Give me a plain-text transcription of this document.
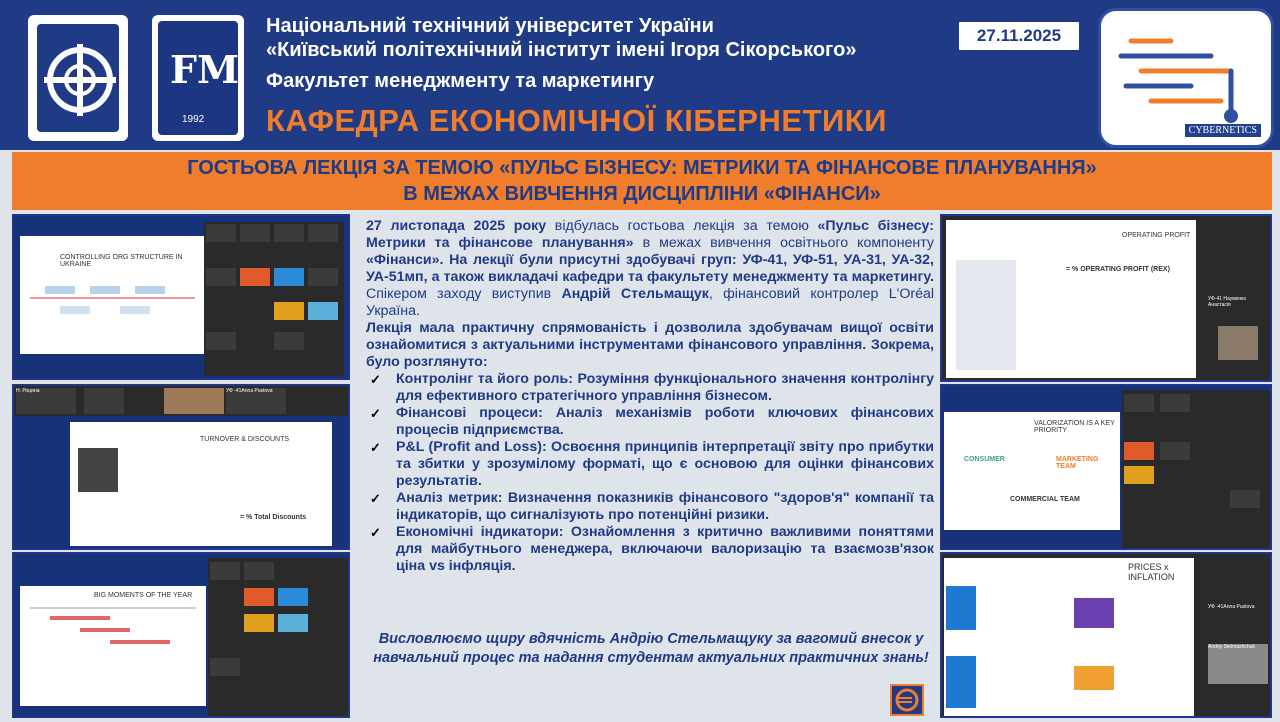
FM
1992
Національний технічний університет України
«Київський політехнічний інститут імені Ігоря Сікорського»
Факультет менеджменту та маркетингу
КАФЕДРА ЕКОНОМІЧНОЇ КІБЕРНЕТИКИ
27.11.2025
CYBERNETICS
ГОСТЬОВА ЛЕКЦІЯ ЗА ТЕМОЮ «ПУЛЬС БІЗНЕСУ: МЕТРИКИ ТА ФІНАНСОВЕ ПЛАНУВАННЯ»
В МЕЖАХ ВИВЧЕННЯ ДИСЦИПЛІНИ «ФІНАНСИ»
CONTROLLING ORG STRUCTURE IN UKRAINE
Н. Роцина	УФ -41Anna Pustova
TURNOVER & DISCOUNTS
= % Total Discounts
BIG MOMENTS OF THE YEAR
OPERATING PROFIT
= % OPERATING PROFIT (REX)
УФ-41 Науменко Анастасія
VALORIZATION IS A KEY PRIORITY
CONSUMER	MARKETING TEAM
COMMERCIAL TEAM
PRICES x INFLATION
УФ -41Anna Pustova
Andriy Stelmashchuk

27 листопада 2025 року відбулась гостьова лекція за темою «Пульс бізнесу: Метрики та фінансове планування» в межах вивчення освітнього компоненту «Фінанси». На лекції були присутні здобувачі груп: УФ-41, УФ-51, УА-31, УА-32, УА-51мп, а також викладачі кафедри та факультету менеджменту та маркетингу. Спікером заходу виступив Андрій Стельмащук, фінансовий контролер L'Oréal Україна.

Лекція мала практичну спрямованість і дозволила здобувачам вищої освіти ознайомитися з актуальними інструментами фінансового управління. Зокрема, було розглянуто:

✓ Контролінг та його роль: Розуміння функціонального значення контролінгу для ефективного стратегічного управління бізнесом.
✓ Фінансові процеси: Аналіз механізмів роботи ключових фінансових процесів підприємства.
✓ P&L (Profit and Loss): Освоєння принципів інтерпретації звіту про прибутки та збитки у зрозумілому форматі, що є основою для оцінки фінансових результатів.
✓ Аналіз метрик: Визначення показників фінансового "здоров'я" компанії та індикаторів, що сигналізують про потенційні ризики.
✓ Економічні індикатори: Ознайомлення з критично важливими поняттями для майбутнього менеджера, включаючи валоризацію та взаємозв'язок ціна vs інфляція.
Висловлюємо щиру вдячність Андрію Стельмащуку за вагомий внесок у навчальний процес та надання студентам актуальних практичних знань!
